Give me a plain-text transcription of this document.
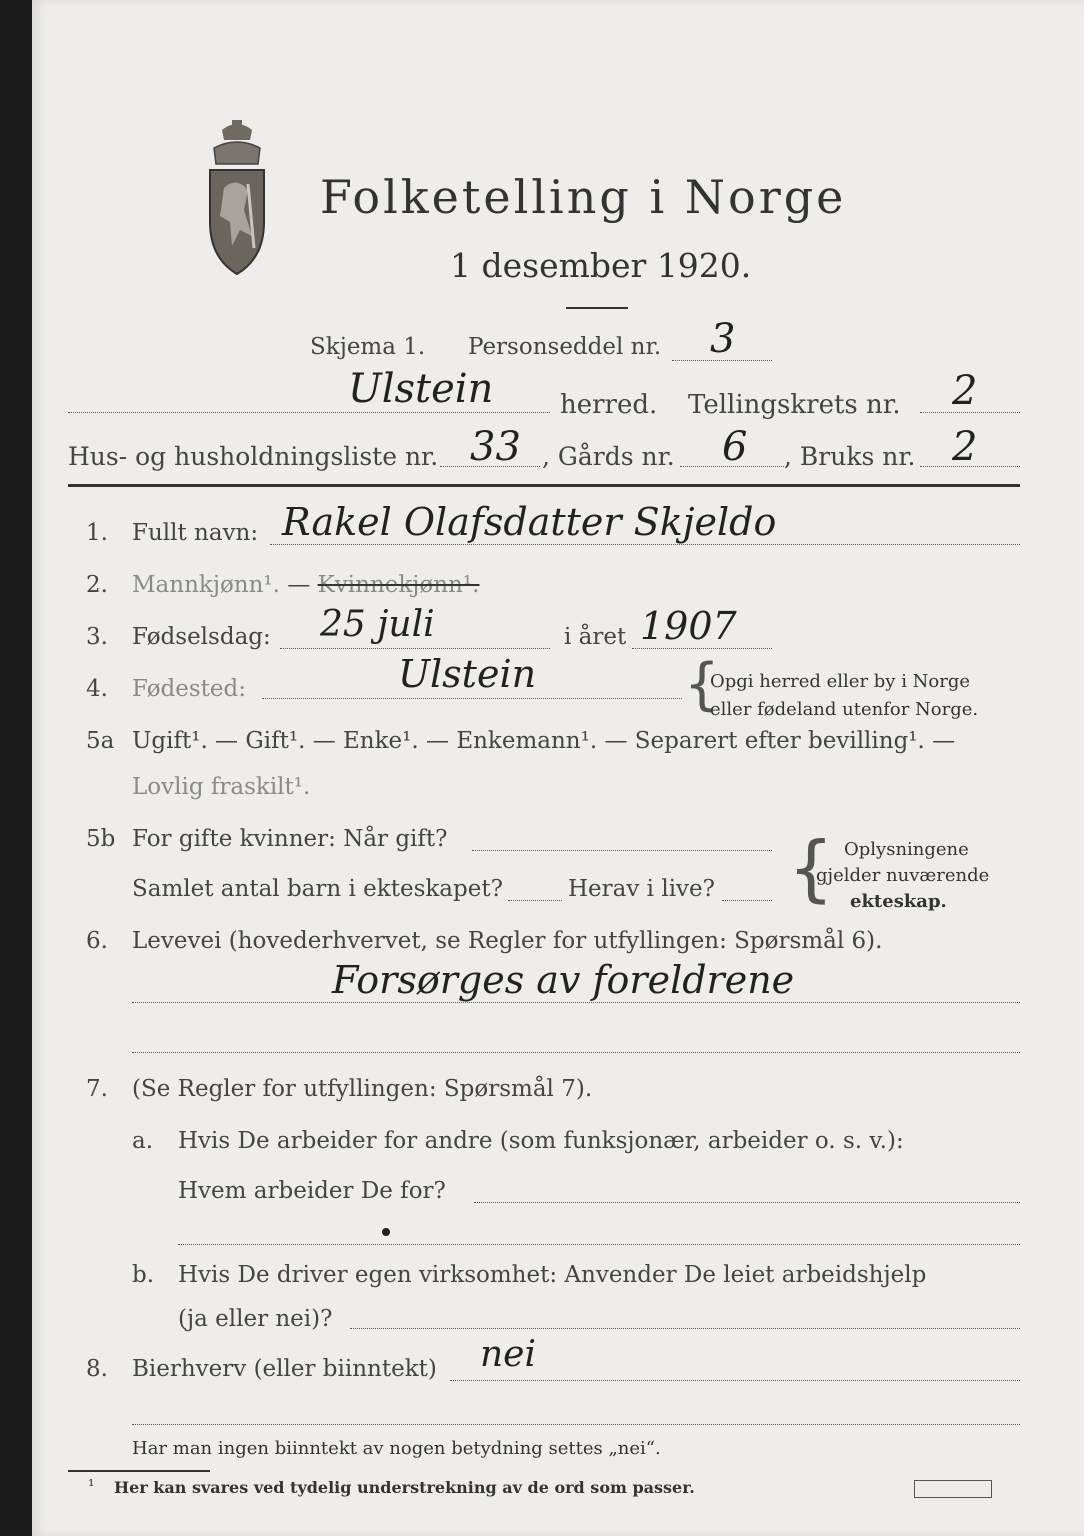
Folketelling i Norge
1 desember 1920.
Skjema 1. Personseddel nr. 3
Ulstein	herred. Tellingskrets nr. 2
Hus- og husholdningsliste nr. 33 , Gårds nr. 6 , Bruks nr. 2
1. Fullt navn: Rakel Olafsdatter Skjeldo
2. Mannkjønn¹. — Kvinnekjønn¹.
3. Fødselsdag: 25 juli	i året 1907
4. Fødested:	Ulstein	{
Opgi herred eller by i Norge
eller fødeland utenfor Norge.
5a Ugift¹. — Gift¹. — Enke¹. — Enkemann¹. — Separert efter bevilling¹. —
Lovlig fraskilt¹.
5b For gifte kvinner: Når gift?
Samlet antal barn i ekteskapet?	Herav i live? { Oplysningene
gjelder nuværende
ekteskap.
6. Levevei (hovederhvervet, se Regler for utfyllingen: Spørsmål 6).
Forsørges av foreldrene
7. (Se Regler for utfyllingen: Spørsmål 7).
a. Hvis De arbeider for andre (som funksjonær, arbeider o. s. v.):
Hvem arbeider De for?
b. Hvis De driver egen virksomhet: Anvender De leiet arbeidshjelp
(ja eller nei)?
8. Bierhverv (eller biinntekt) nei
Har man ingen biinntekt av nogen betydning settes „nei“.
¹ Her kan svares ved tydelig understrekning av de ord som passer.
